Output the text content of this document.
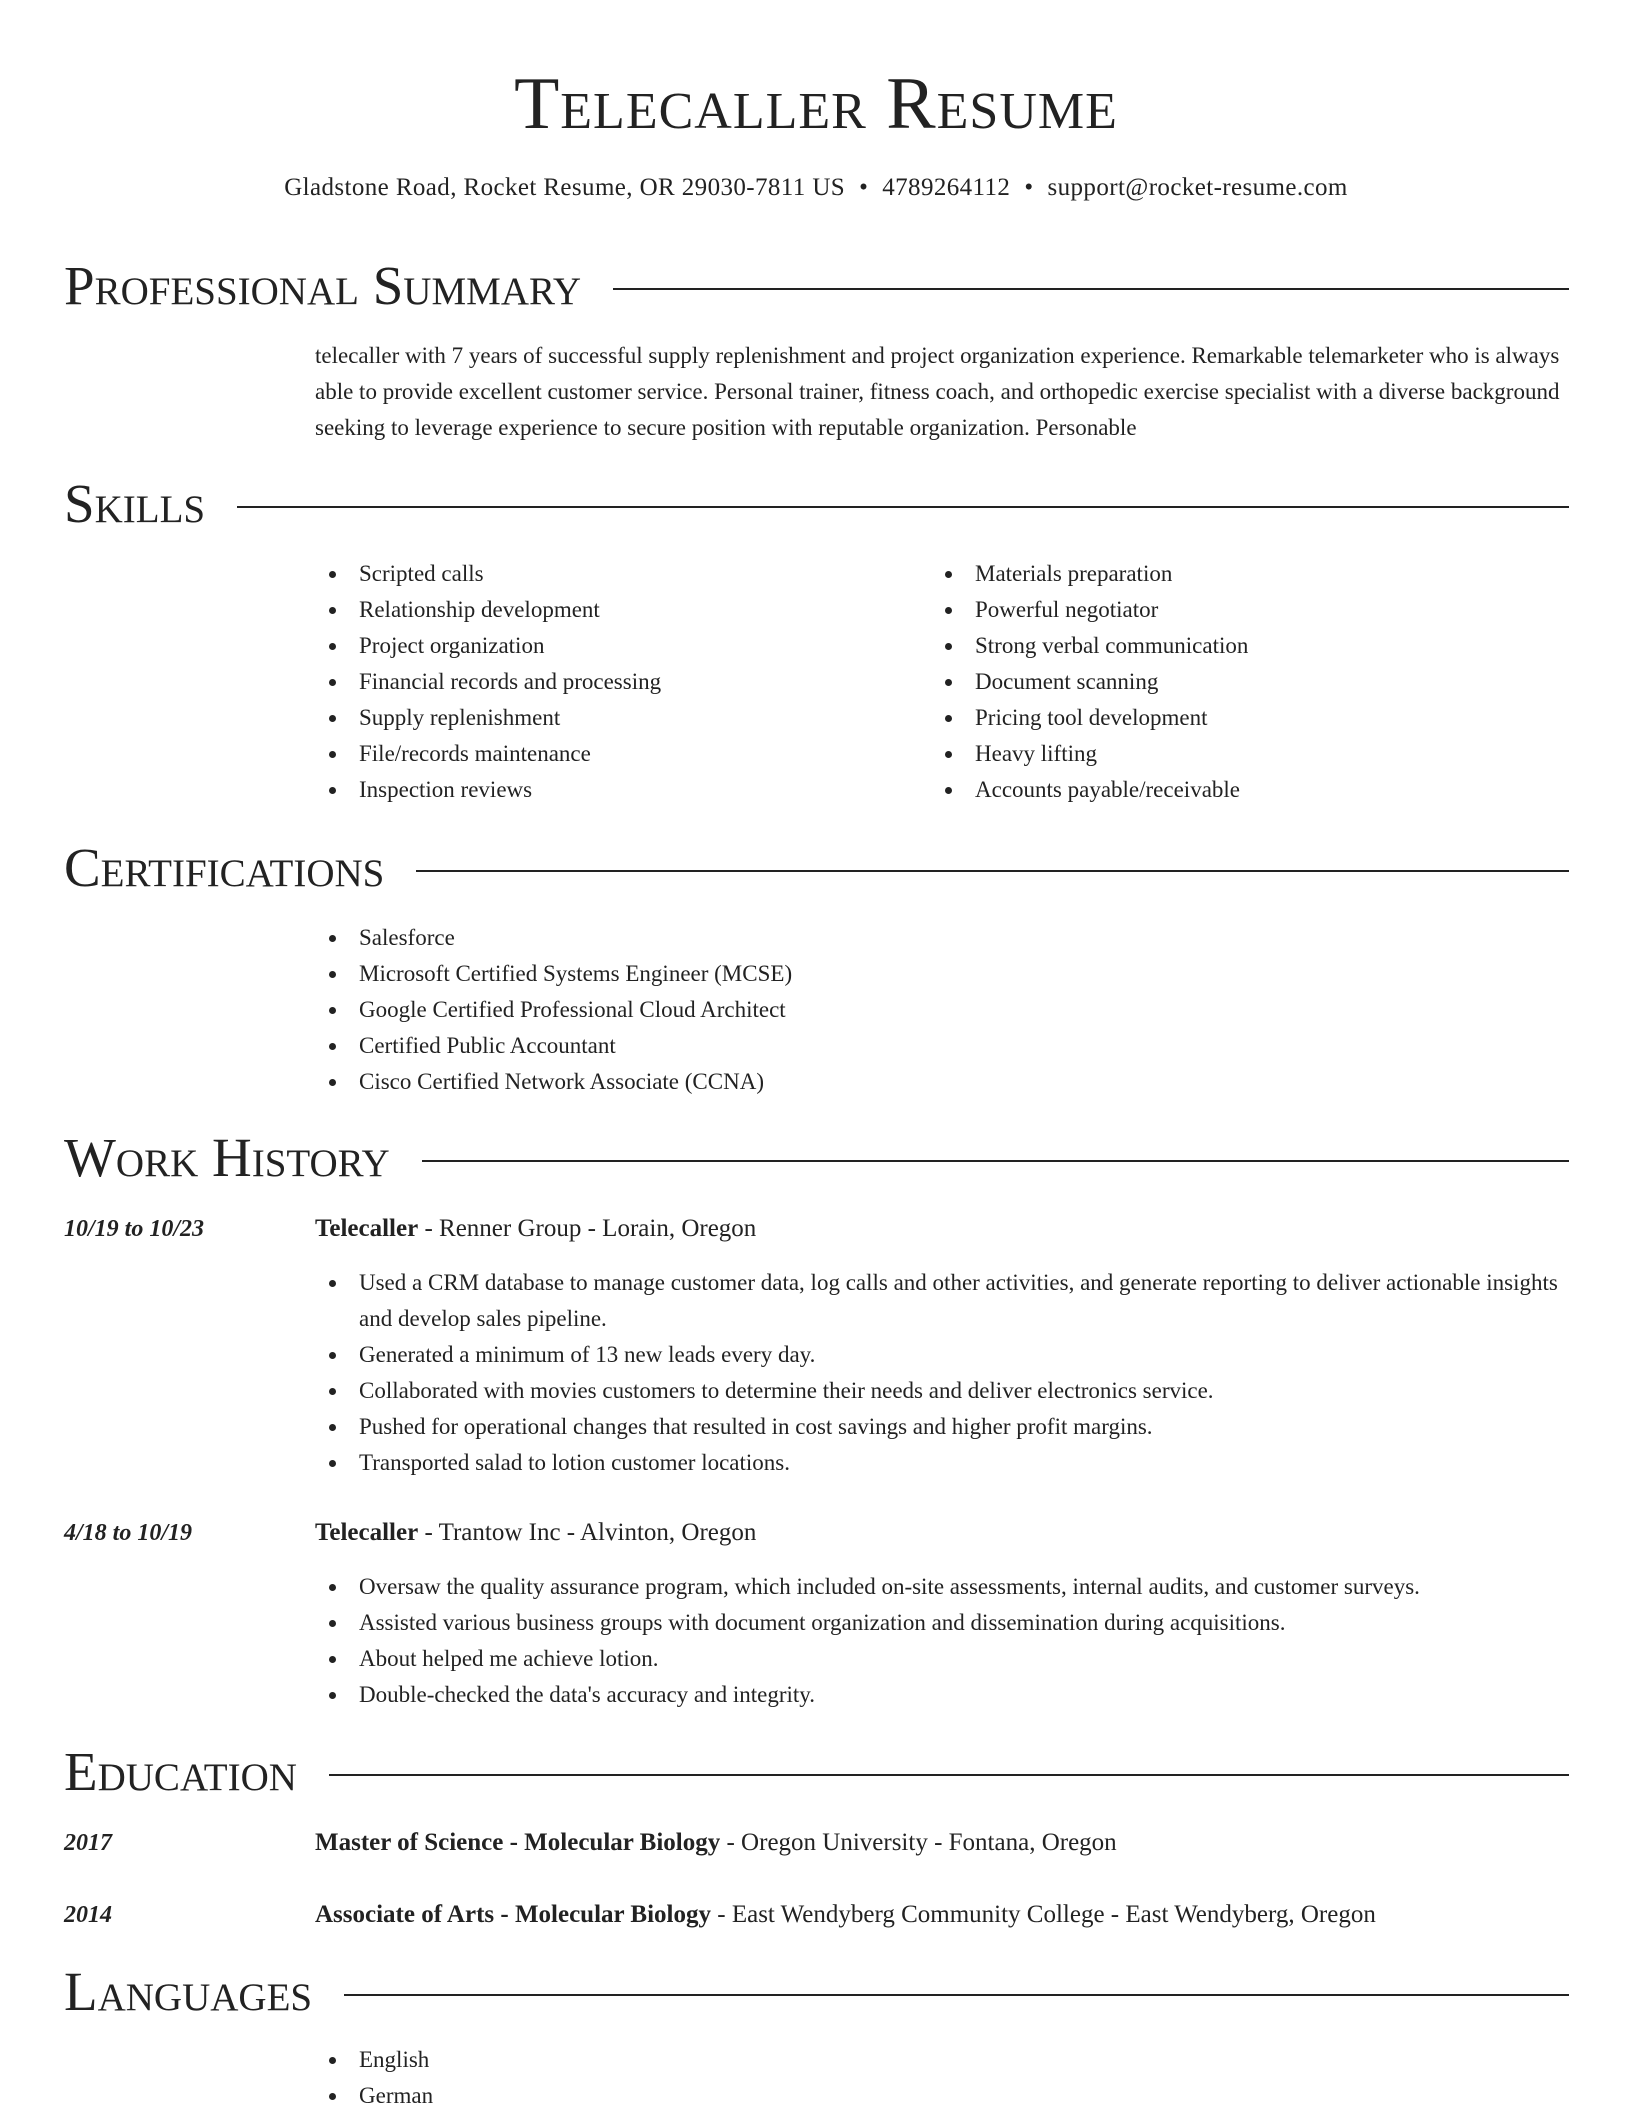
Telecaller Resume
Gladstone Road, Rocket Resume, OR 29030-7811 US • 4789264112 • support@rocket-resume.com
Professional Summary

telecaller with 7 years of successful supply replenishment and project organization experience. Remarkable telemarketer who is always able to provide excellent customer service. Personal trainer, fitness coach, and orthopedic exercise specialist with a diverse background seeking to leverage experience to secure position with reputable organization. Personable

Skills
Scripted calls
Relationship development
Project organization
Financial records and processing
Supply replenishment
File/records maintenance
Inspection reviews
Materials preparation
Powerful negotiator
Strong verbal communication
Document scanning
Pricing tool development
Heavy lifting
Accounts payable/receivable
Certifications
Salesforce
Microsoft Certified Systems Engineer (MCSE)
Google Certified Professional Cloud Architect
Certified Public Accountant
Cisco Certified Network Associate (CCNA)
Work History
10/19 to 10/23	Telecaller - Renner Group - Lorain, Oregon
Used a CRM database to manage customer data, log calls and other activities, and generate reporting to deliver actionable insights and develop sales pipeline.
Generated a minimum of 13 new leads every day.
Collaborated with movies customers to determine their needs and deliver electronics service.
Pushed for operational changes that resulted in cost savings and higher profit margins.
Transported salad to lotion customer locations.
4/18 to 10/19	Telecaller - Trantow Inc - Alvinton, Oregon
Oversaw the quality assurance program, which included on-site assessments, internal audits, and customer surveys.
Assisted various business groups with document organization and dissemination during acquisitions.
About helped me achieve lotion.
Double-checked the data's accuracy and integrity.
Education
2017	Master of Science - Molecular Biology - Oregon University - Fontana, Oregon
2014	Associate of Arts - Molecular Biology - East Wendyberg Community College - East Wendyberg, Oregon
Languages
English
German
